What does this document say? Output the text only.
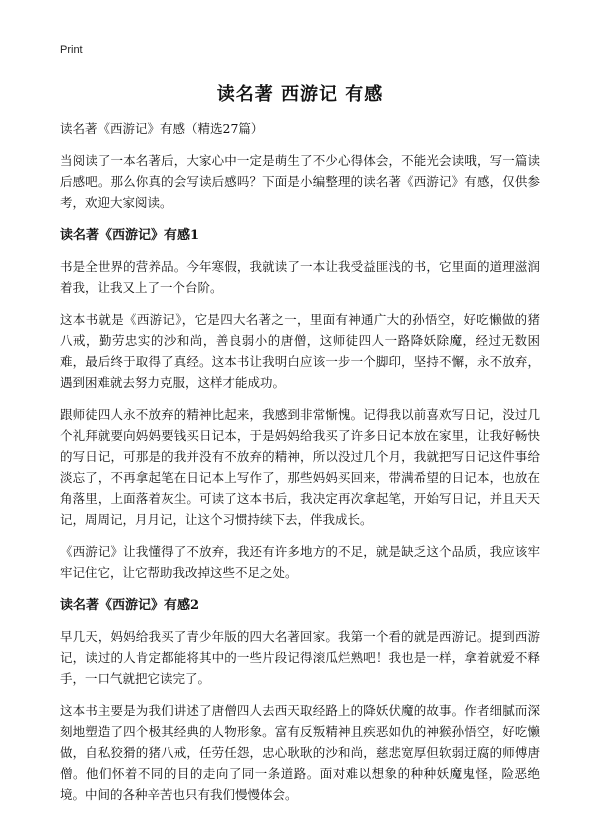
Print
读名著 西游记 有感
读名著《西游记》有感（精选27篇）

当阅读了一本名著后，大家心中一定是萌生了不少心得体会，不能光会读哦，写一篇读后感吧。那么你真的会写读后感吗？下面是小编整理的读名著《西游记》有感，仅供参考，欢迎大家阅读。

读名著《西游记》有感1

书是全世界的营养品。今年寒假，我就读了一本让我受益匪浅的书，它里面的道理滋润着我，让我又上了一个台阶。

这本书就是《西游记》，它是四大名著之一，里面有神通广大的孙悟空，好吃懒做的猪八戒，勤劳忠实的沙和尚，善良弱小的唐僧，这师徒四人一路降妖除魔，经过无数困难，最后终于取得了真经。这本书让我明白应该一步一个脚印，坚持不懈，永不放弃，遇到困难就去努力克服，这样才能成功。

跟师徒四人永不放弃的精神比起来，我感到非常惭愧。记得我以前喜欢写日记，没过几个礼拜就要向妈妈要钱买日记本，于是妈妈给我买了许多日记本放在家里，让我好畅快的写日记，可那是的我并没有不放弃的精神，所以没过几个月，我就把写日记这件事给淡忘了，不再拿起笔在日记本上写作了，那些妈妈买回来，带满希望的日记本，也放在角落里，上面落着灰尘。可读了这本书后，我决定再次拿起笔，开始写日记，并且天天记，周周记，月月记，让这个习惯持续下去，伴我成长。

《西游记》让我懂得了不放弃，我还有许多地方的不足，就是缺乏这个品质，我应该牢牢记住它，让它帮助我改掉这些不足之处。

读名著《西游记》有感2

早几天，妈妈给我买了青少年版的四大名著回家。我第一个看的就是西游记。提到西游记，读过的人肯定都能将其中的一些片段记得滚瓜烂熟吧！我也是一样，拿着就爱不释手，一口气就把它读完了。

这本书主要是为我们讲述了唐僧四人去西天取经路上的降妖伏魔的故事。作者细腻而深刻地塑造了四个极其经典的人物形象。富有反叛精神且疾恶如仇的神猴孙悟空，好吃懒做，自私狡猾的猪八戒，任劳任怨，忠心耿耿的沙和尚，慈悲宽厚但软弱迂腐的师傅唐僧。他们怀着不同的目的走向了同一条道路。面对难以想象的种种妖魔鬼怪，险恶绝境。中间的各种辛苦也只有我们慢慢体会。
